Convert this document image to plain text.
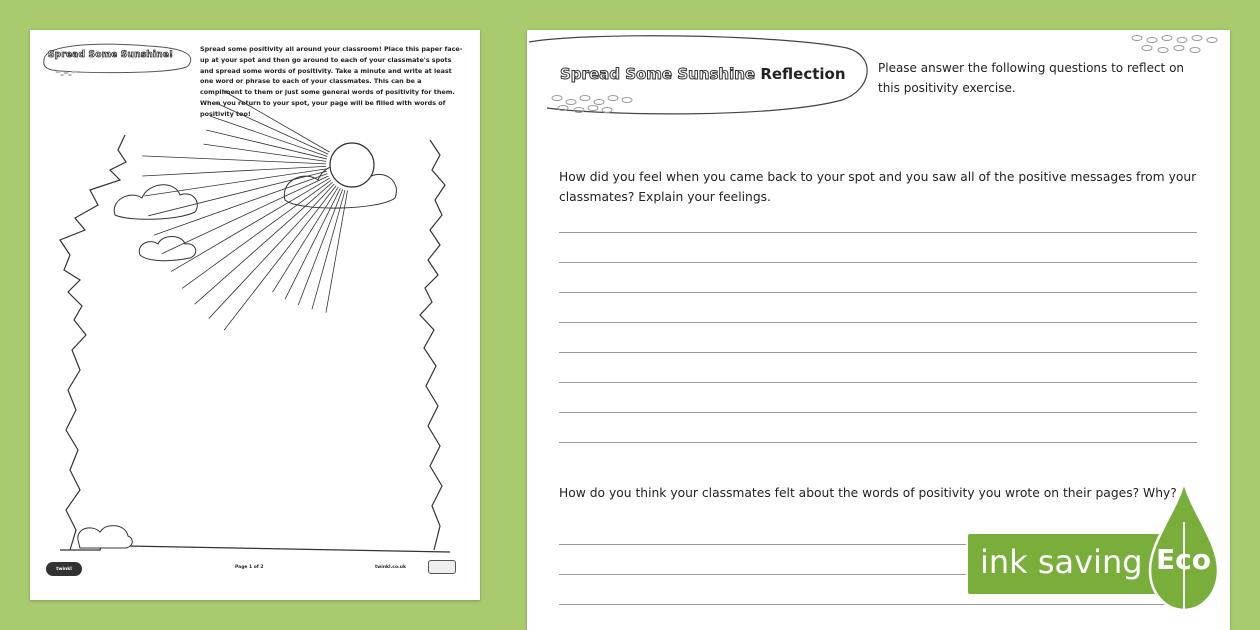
Spread Some Sunshine!
Spread some positivity all around your classroom! Place this paper face-up at your spot and then go around to each of your classmate's spots and spread some words of positivity. Take a minute and write at least one word or phrase to each of your classmates. This can be a compliment to them or just some general words of positivity for them. When you return to your spot, your page will be filled with words of positivity too!
twinkl	Page 1 of 2	twinkl.co.uk
Spread Some Sunshine Reflection	Please answer the following questions to reflect on this positivity exercise.
How did you feel when you came back to your spot and you saw all of the positive messages from your classmates? Explain your feelings.
How do you think your classmates felt about the words of positivity you wrote on their pages? Why?
ink saving Eco
